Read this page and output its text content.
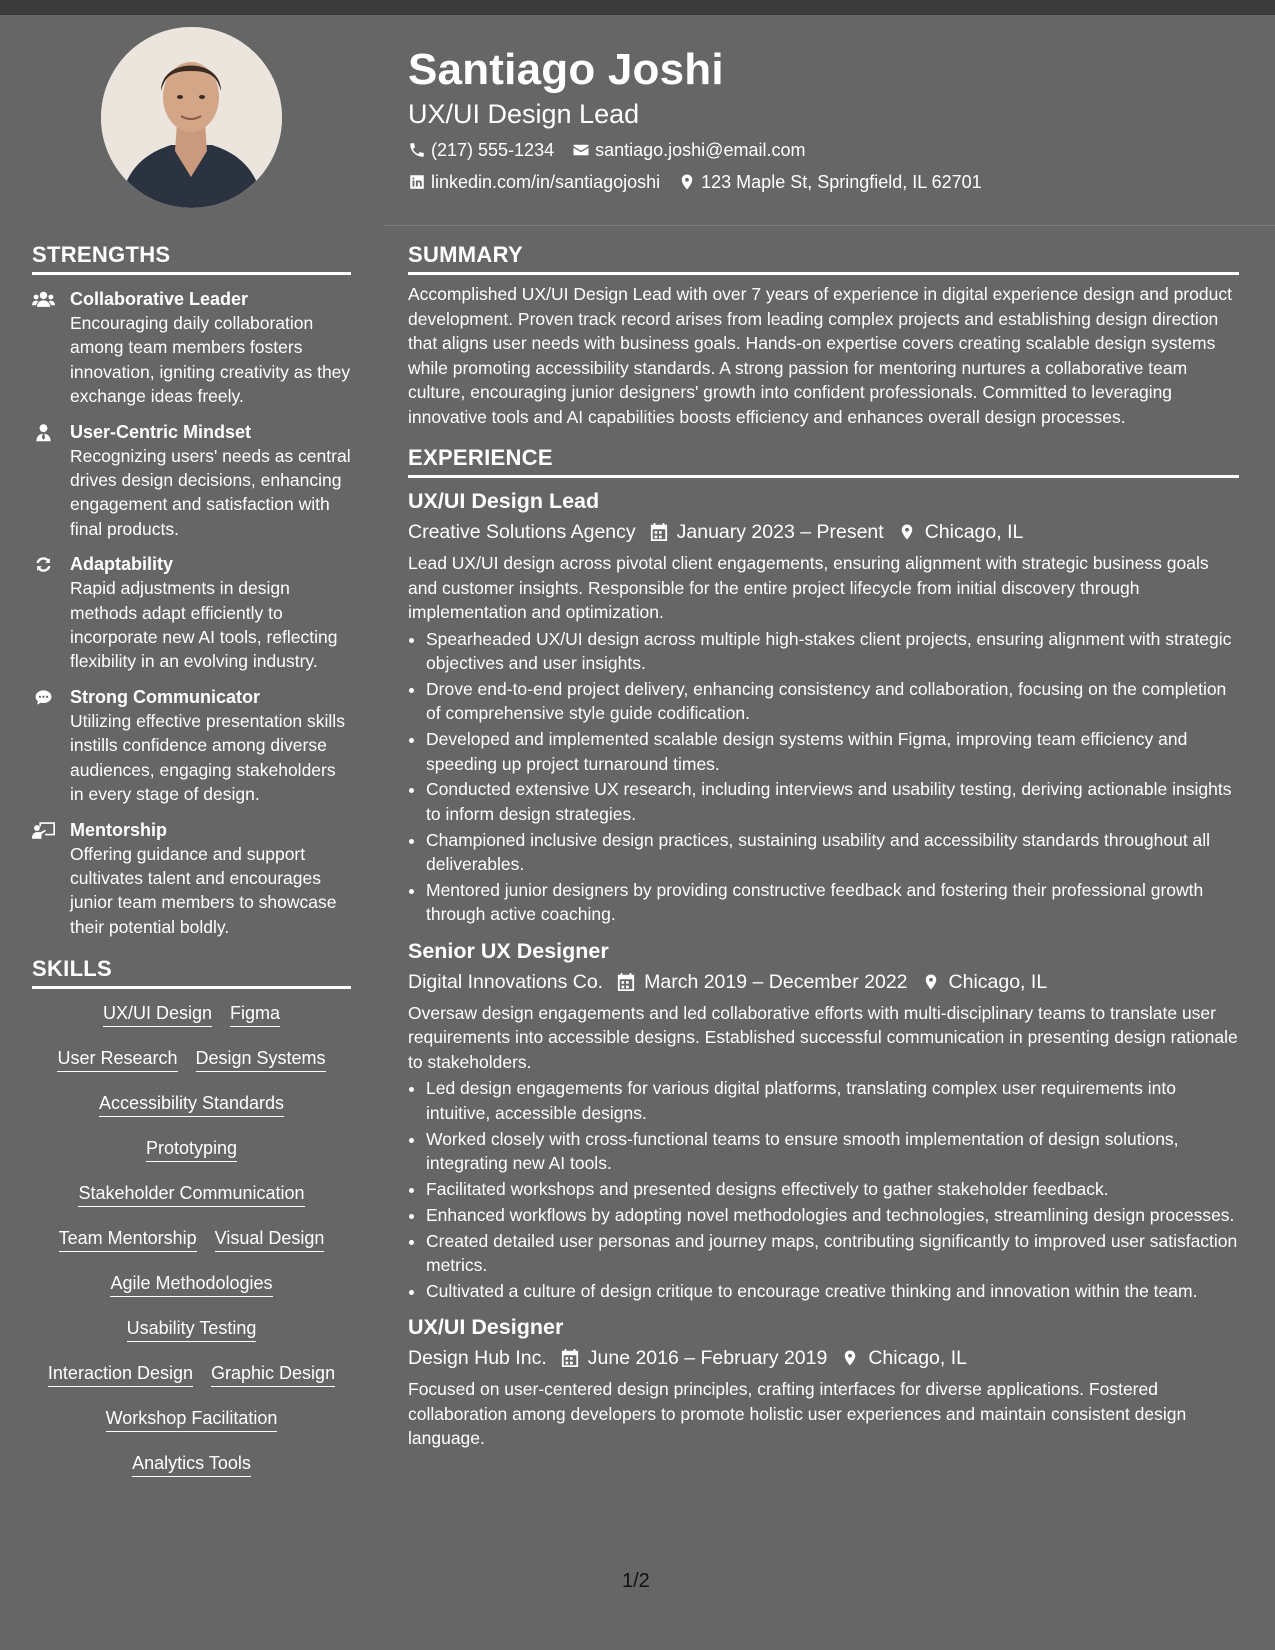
Santiago Joshi
UX/UI Design Lead
(217) 555-1234 santiago.joshi@email.com
linkedin.com/in/santiagojoshi 123 Maple St, Springfield, IL 62701
STRENGTHS
Collaborative Leader
Encouraging daily collaboration among team members fosters innovation, igniting creativity as they exchange ideas freely.
User-Centric Mindset
Recognizing users' needs as central drives design decisions, enhancing engagement and satisfaction with final products.
Adaptability
Rapid adjustments in design methods adapt efficiently to incorporate new AI tools, reflecting flexibility in an evolving industry.
Strong Communicator
Utilizing effective presentation skills instills confidence among diverse audiences, engaging stakeholders in every stage of design.
Mentorship
Offering guidance and support cultivates talent and encourages junior team members to showcase their potential boldly.
SKILLS
UX/UI Design Figma
User Research Design Systems
Accessibility Standards
Prototyping
Stakeholder Communication
Team Mentorship Visual Design
Agile Methodologies
Usability Testing
Interaction Design Graphic Design
Workshop Facilitation
Analytics Tools
SUMMARY

Accomplished UX/UI Design Lead with over 7 years of experience in digital experience design and product development. Proven track record arises from leading complex projects and establishing design direction that aligns user needs with business goals. Hands-on expertise covers creating scalable design systems while promoting accessibility standards. A strong passion for mentoring nurtures a collaborative team culture, encouraging junior designers' growth into confident professionals. Committed to leveraging innovative tools and AI capabilities boosts efficiency and enhances overall design processes.

EXPERIENCE
UX/UI Design Lead
Creative Solutions Agency January 2023 – Present Chicago, IL

Lead UX/UI design across pivotal client engagements, ensuring alignment with strategic business goals and customer insights. Responsible for the entire project lifecycle from initial discovery through implementation and optimization.

• Spearheaded UX/UI design across multiple high-stakes client projects, ensuring alignment with strategic objectives and user insights.
• Drove end-to-end project delivery, enhancing consistency and collaboration, focusing on the completion of comprehensive style guide codification.
• Developed and implemented scalable design systems within Figma, improving team efficiency and speeding up project turnaround times.
• Conducted extensive UX research, including interviews and usability testing, deriving actionable insights to inform design strategies.
• Championed inclusive design practices, sustaining usability and accessibility standards throughout all deliverables.
• Mentored junior designers by providing constructive feedback and fostering their professional growth through active coaching.
Senior UX Designer
Digital Innovations Co. March 2019 – December 2022 Chicago, IL

Oversaw design engagements and led collaborative efforts with multi-disciplinary teams to translate user requirements into accessible designs. Established successful communication in presenting design rationale to stakeholders.

• Led design engagements for various digital platforms, translating complex user requirements into intuitive, accessible designs.
• Worked closely with cross-functional teams to ensure smooth implementation of design solutions, integrating new AI tools.
• Facilitated workshops and presented designs effectively to gather stakeholder feedback.
• Enhanced workflows by adopting novel methodologies and technologies, streamlining design processes.
• Created detailed user personas and journey maps, contributing significantly to improved user satisfaction metrics.
• Cultivated a culture of design critique to encourage creative thinking and innovation within the team.
UX/UI Designer
Design Hub Inc. June 2016 – February 2019 Chicago, IL

Focused on user-centered design principles, crafting interfaces for diverse applications. Fostered collaboration among developers to promote holistic user experiences and maintain consistent design language.

1/2
